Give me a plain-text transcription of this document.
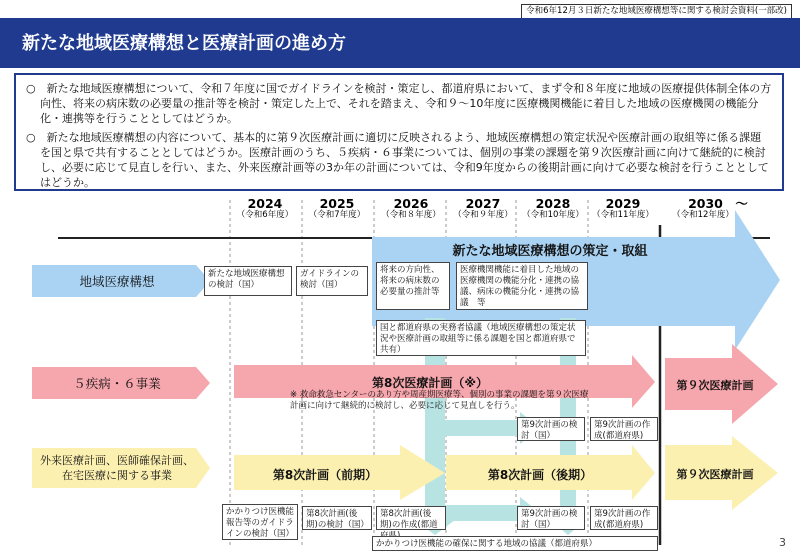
令和6年12月３日新たな地域医療構想等に関する検討会資料(一部改)
新たな地域医療構想と医療計画の進め方

○　新たな地域医療構想について、令和７年度に国でガイドラインを検討・策定し、都道府県において、まず令和８年度に地域の医療提供体制全体の方向性、将来の病床数の必要量の推計等を検討・策定した上で、それを踏まえ、令和９～10年度に医療機関機能に着目した地域の医療機関の機能分化・連携等を行うこととしてはどうか。

○　新たな地域医療構想の内容について、基本的に第９次医療計画に適切に反映されるよう、地域医療構想の策定状況や医療計画の取組等に係る課題を国と県で共有することとしてはどうか。医療計画のうち、５疾病・６事業については、個別の事業の課題を第９次医療計画に向けて継続的に検討し、必要に応じて見直しを行い、また、外来医療計画等の3か年の計画については、令和9年度からの後期計画に向けて必要な検討を行うこととしてはどうか。

2024
（令和6年度）
2025
（令和7年度）
2026
（令和８年度）
2027
（令和９年度）
2028
（令和10年度）
2029
（令和11年度）
2030　～
（令和12年度）
地域医療構想
５疾病・６事業
外来医療計画、医師確保計画、在宅医療に関する事業
新たな地域医療構想の策定・取組
新たな地域医療構想の検討（国）
ガイドラインの検討（国）
将来の方向性、将来の病床数の必要量の推計等
医療機関機能に着目した地域の医療機関の機能分化・連携の協議、病床の機能分化・連携の協議　等
国と都道府県の実務者協議（地域医療構想の策定状況や医療計画の取組等に係る課題を国と都道府県で共有）
第8次医療計画（※）	第９次医療計画
※ 救命救急センターのあり方や周産期医療等、個別の事業の課題を第９次医療計画に向けて継続的に検討し、必要に応じて見直しを行う。
第9次計画の検討（国）
第9次計画の作成(都道府県)
第8次計画（前期）	第8次計画（後期）	第９次医療計画
かかりつけ医機能報告等のガイドラインの検討（国）
第8次計画(後期)の検討（国）
第8次計画(後期)の作成(都道
第9次計画の検討（国）
第9次計画の作成(都道府県)
かかりつけ医機能の確保に関する地域の協議（都道府県）	3
